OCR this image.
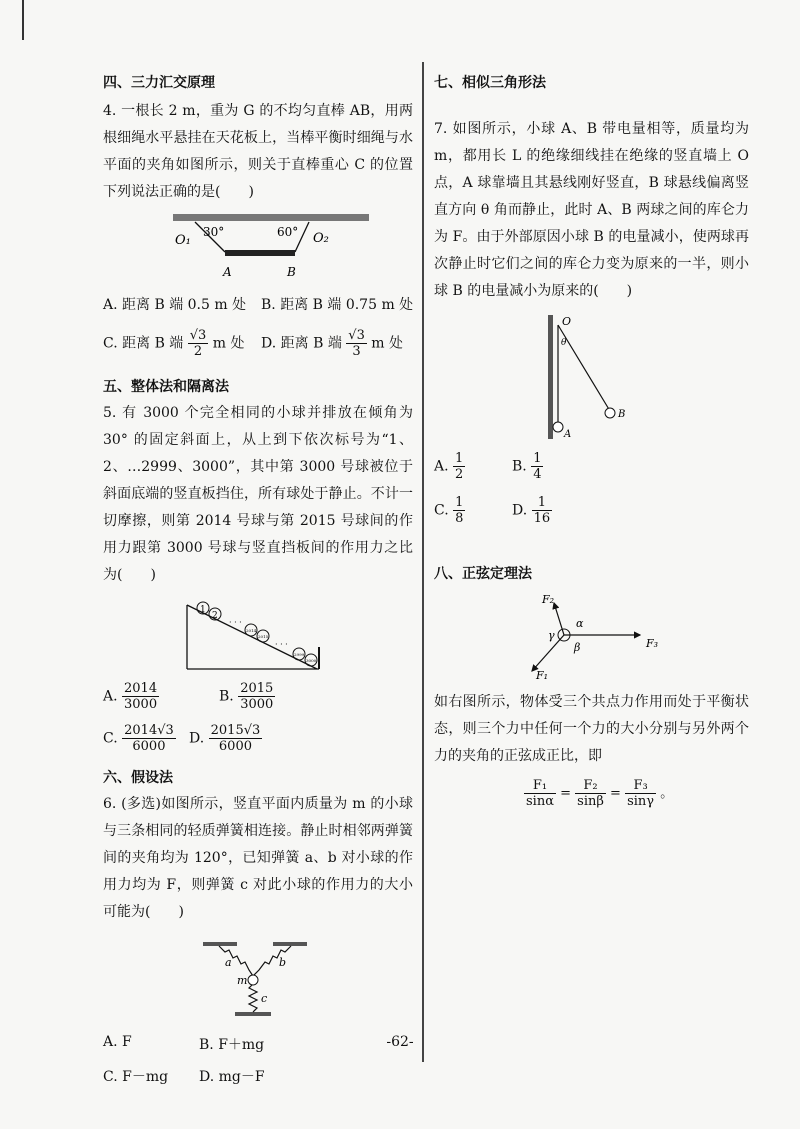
四、三力汇交原理

4. 一根长 2 m，重为 G 的不均匀直棒 AB，用两根细绳水平悬挂在天花板上，当棒平衡时细绳与水平面的夹角如图所示，则关于直棒重心 C 的位置下列说法正确的是(　　)

O₁
30°	60° O₂
A	B
A. 距离 B 端 0.5 m 处 B. 距离 B 端 0.75 m 处
C. 距离 B 端 $\frac{√3}{2}$ m 处 D. 距离 B 端 $\frac{√3}{3}$ m 处

五、整体法和隔离法

5. 有 3000 个完全相同的小球并排放在倾角为 30° 的固定斜面上，从上到下依次标号为“1、2、…2999、3000”，其中第 3000 号球被位于斜面底端的竖直板挡住，所有球处于静止。不计一切摩擦，则第 2014 号球与第 2015 号球间的作用力跟第 3000 号球与竖直挡板间的作用力之比为(　　)

1
2
· · ·
2014
2015
· · ·
2999
3000
A. $\frac{2014}{3000}$	B. $\frac{2015}{3000}$
C. $\frac{2014√3}{6000} D$. $\frac{2015√3}{6000}$

六、假设法

6. (多选)如图所示，竖直平面内质量为 m 的小球与三条相同的轻质弹簧相连接。静止时相邻两弹簧间的夹角均为 120°，已知弹簧 a、b 对小球的作用力均为 F，则弹簧 c 对此小球的作用力的大小可能为(　　)

a	b
c
m
A. F	B. F＋mg
C. F－mg D. mg－F

七、相似三角形法

7. 如图所示，小球 A、B 带电量相等，质量均为 m，都用长 L 的绝缘细线挂在绝缘的竖直墙上 O 点，A 球靠墙且其悬线刚好竖直，B 球悬线偏离竖直方向 θ 角而静止，此时 A、B 两球之间的库仑力为 F。由于外部原因小球 B 的电量减小，使两球再次静止时它们之间的库仑力变为原来的一半，则小球 B 的电量减小为原来的(　　)

O
θ
A
B
A. $\frac{1}{2}$	B. $\frac{1}{4}$
C. $\frac{1}{8}$	D. $\frac{1}{16}$

八、正弦定理法

F₂
F₃
F₁
α
β
γ

如右图所示，物体受三个共点力作用而处于平衡状态，则三个力中任何一个力的大小分别与另外两个力的夹角的正弦成正比，即

$\frac{\text{F₁}}{\sin\alpha} = \frac{\text{F₂}}{\sin\beta} = \frac{\text{F₃}}{\sin\gamma}$ 。
-62-
